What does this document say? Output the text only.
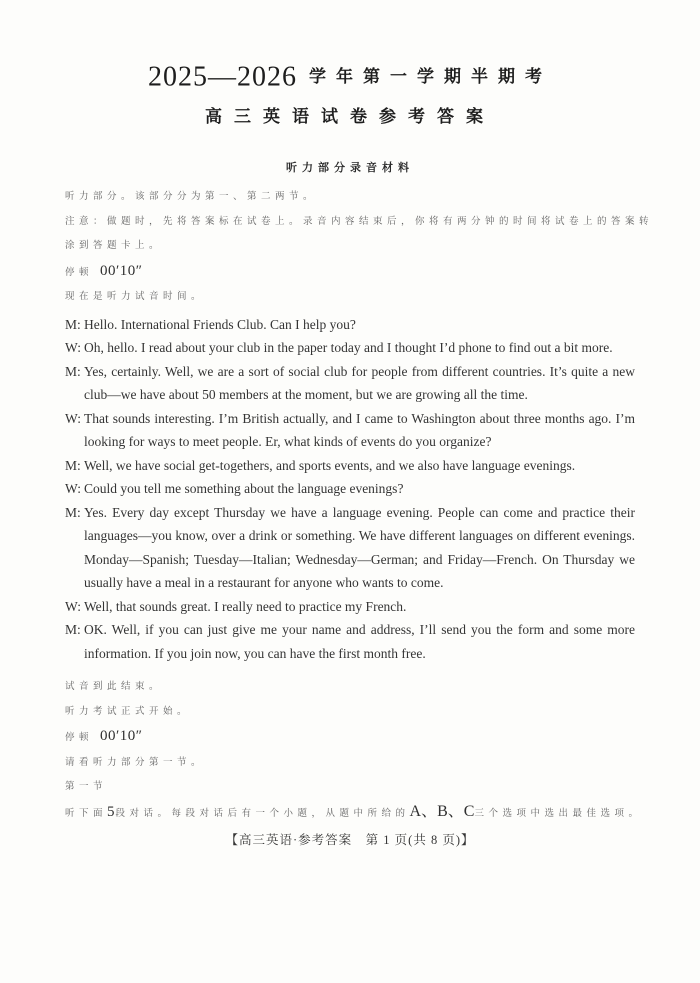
2025—2026 学年第一学期半期考
高三英语试卷参考答案
听力部分录音材料
听力部分。该部分分为第一、第二两节。
注意：做题时，先将答案标在试卷上。录音内容结束后，你将有两分钟的时间将试卷上的答案转
涂到答题卡上。
停顿 00′10″
现在是听力试音时间。

M: Hello. International Friends Club. Can I help you?

W: Oh, hello. I read about your club in the paper today and I thought I’d phone to find out a bit more.

M: Yes, certainly. Well, we are a sort of social club for people from different countries. It’s quite a new club—we have about 50 members at the moment, but we are growing all the time.

W: That sounds interesting. I’m British actually, and I came to Washington about three months ago. I’m looking for ways to meet people. Er, what kinds of events do you organize?

M: Well, we have social get-togethers, and sports events, and we also have language evenings.

W: Could you tell me something about the language evenings?

M: Yes. Every day except Thursday we have a language evening. People can come and practice their languages—you know, over a drink or something. We have different languages on different evenings. Monday—Spanish; Tuesday—Italian; Wednesday—German; and Friday—French. On Thursday we usually have a meal in a restaurant for anyone who wants to come.

W: Well, that sounds great. I really need to practice my French.

M: OK. Well, if you can just give me your name and address, I’ll send you the form and some more information. If you join now, you can have the first month free.

试音到此结束。
听力考试正式开始。
停顿 00′10″
请看听力部分第一节。
第一节
听下面5段对话。每段对话后有一个小题，从题中所给的A、B、C三个选项中选出最佳选项。
【高三英语·参考答案　第 1 页(共 8 页)】
